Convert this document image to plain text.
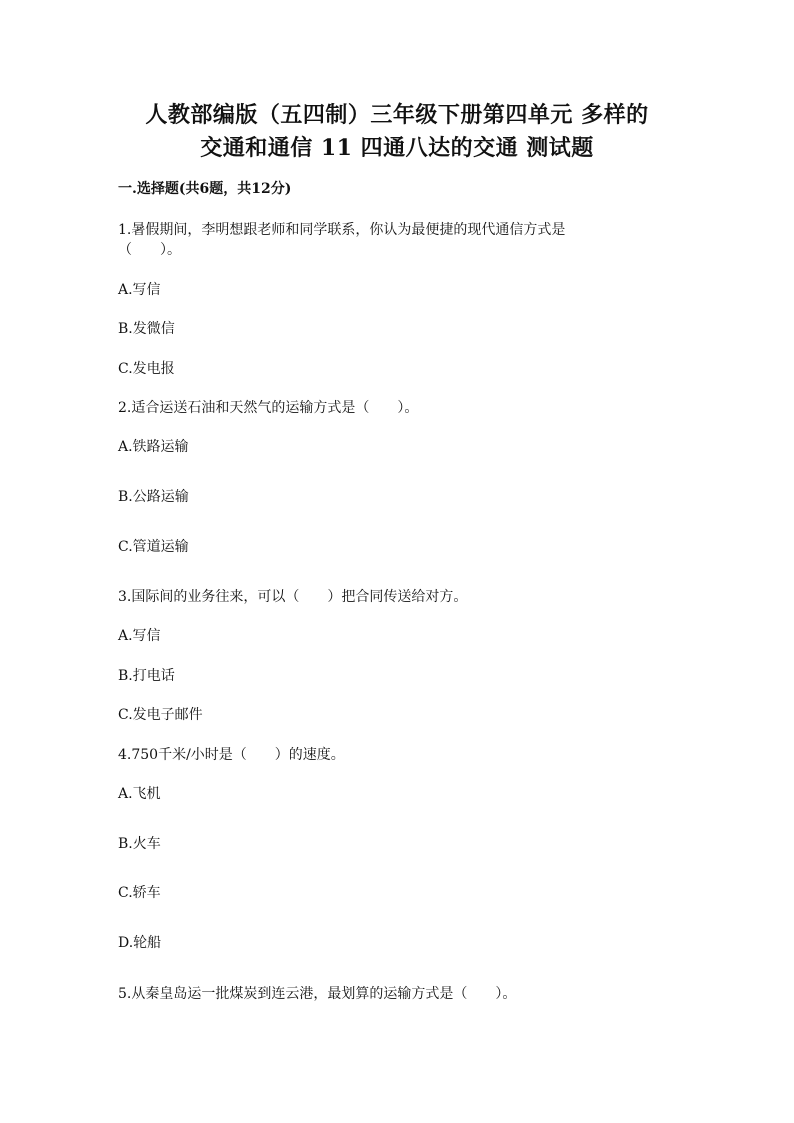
人教部编版（五四制）三年级下册第四单元 多样的
交通和通信 11 四通八达的交通 测试题
一.选择题(共6题，共12分)
1.暑假期间，李明想跟老师和同学联系，你认为最便捷的现代通信方式是
（　　）。
A.写信
B.发微信
C.发电报
2.适合运送石油和天然气的运输方式是（　　）。
A.铁路运输
B.公路运输
C.管道运输
3.国际间的业务往来，可以（　　）把合同传送给对方。
A.写信
B.打电话
C.发电子邮件
4.750千米/小时是（　　）的速度。
A.飞机
B.火车
C.轿车
D.轮船
5.从秦皇岛运一批煤炭到连云港，最划算的运输方式是（　　）。
